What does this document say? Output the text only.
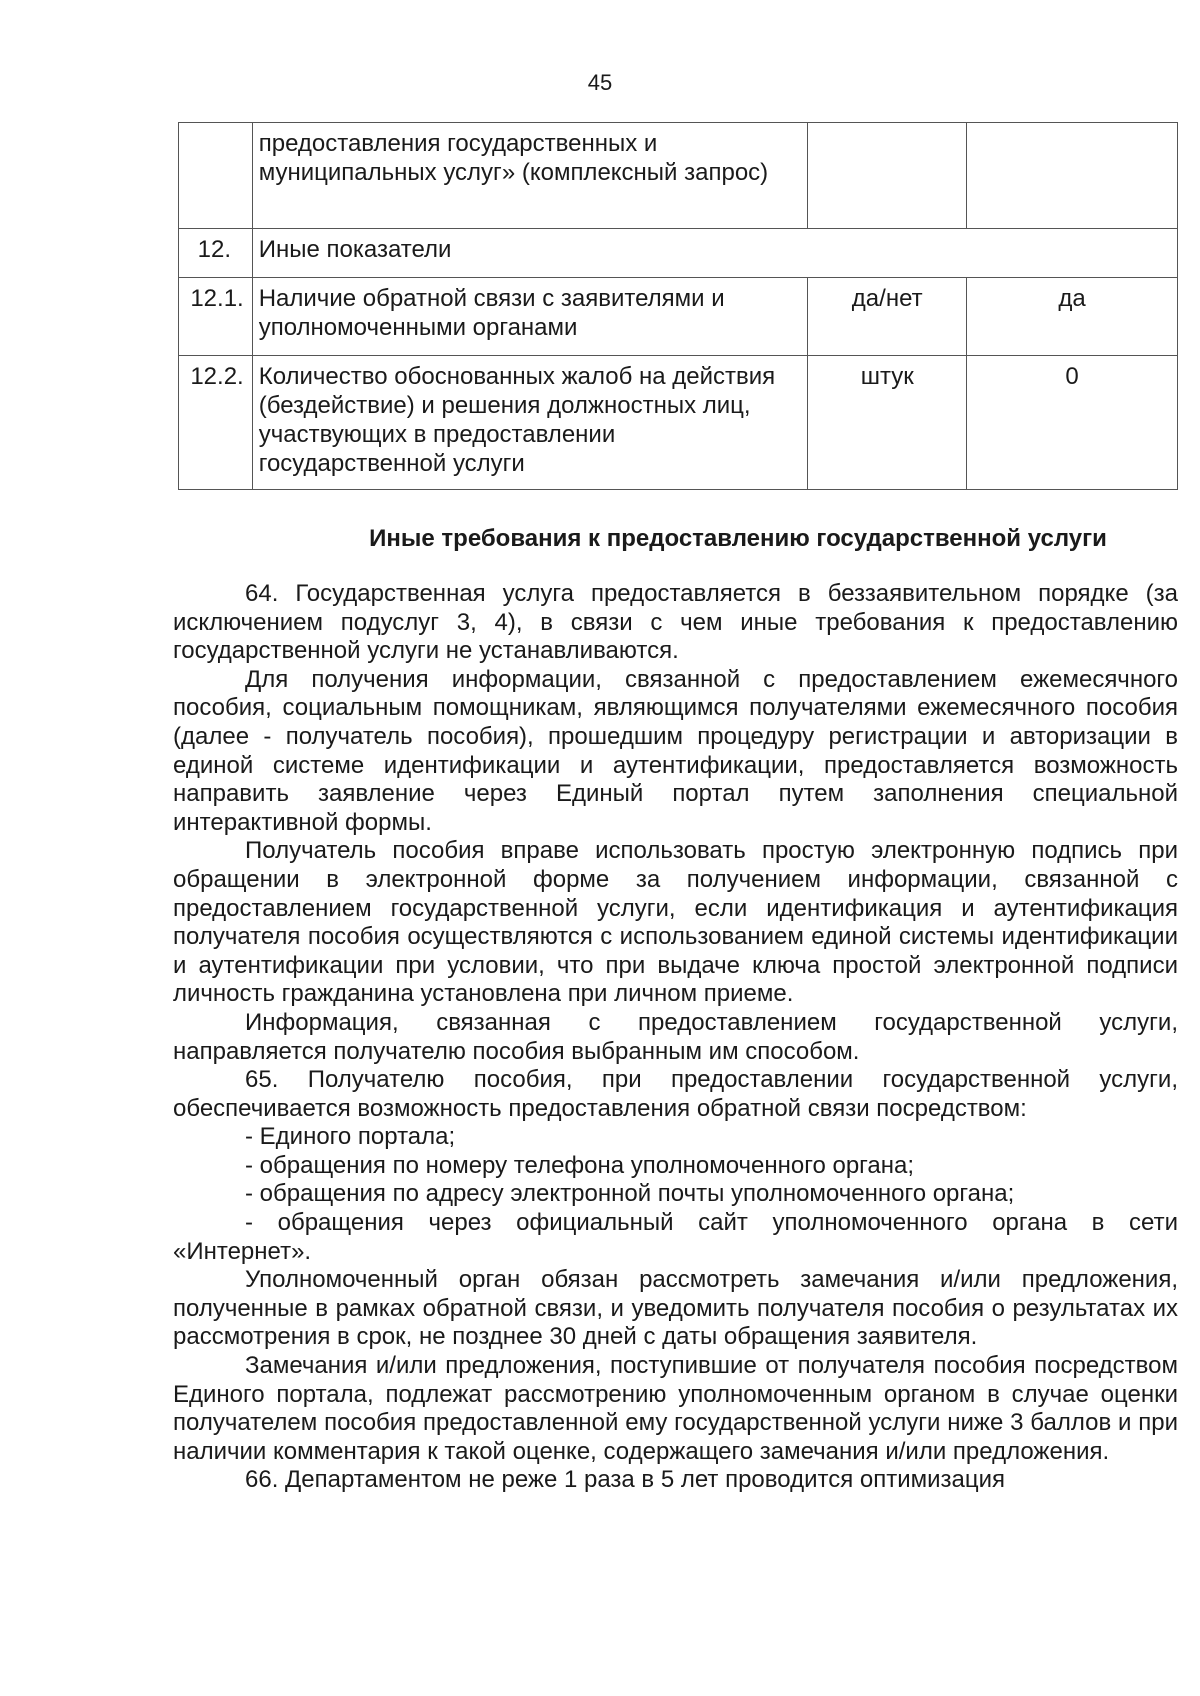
45
	предоставления государственных и муниципальных услуг» (комплексный запрос)		
12.	Иные показатели		
12.1.	Наличие обратной связи с заявителями и уполномоченными органами	да/нет	да
12.2.	Количество обоснованных жалоб на действия (бездействие) и решения должностных лиц, участвующих в предоставлении государственной услуги	штук	0
Иные требования к предоставлению государственной услуги

64. Государственная услуга предоставляется в беззаявительном порядке (за исключением подуслуг 3, 4), в связи с чем иные требования к предоставлению государственной услуги не устанавливаются.

Для получения информации, связанной с предоставлением ежемесячного пособия, социальным помощникам, являющимся получателями ежемесячного пособия (далее - получатель пособия), прошедшим процедуру регистрации и авторизации в единой системе идентификации и аутентификации, предоставляется возможность направить заявление через Единый портал путем заполнения специальной интерактивной формы.

Получатель пособия вправе использовать простую электронную подпись при обращении в электронной форме за получением информации, связанной с предоставлением государственной услуги, если идентификация и аутентификация получателя пособия осуществляются с использованием единой системы идентификации и аутентификации при условии, что при выдаче ключа простой электронной подписи личность гражданина установлена при личном приеме.

Информация, связанная с предоставлением государственной услуги, направляется получателю пособия выбранным им способом.

65. Получателю пособия, при предоставлении государственной услуги, обеспечивается возможность предоставления обратной связи посредством:

- Единого портала;

- обращения по номеру телефона уполномоченного органа;

- обращения по адресу электронной почты уполномоченного органа;

- обращения через официальный сайт уполномоченного органа в сети «Интернет».

Уполномоченный орган обязан рассмотреть замечания и/или предложения, полученные в рамках обратной связи, и уведомить получателя пособия о результатах их рассмотрения в срок, не позднее 30 дней с даты обращения заявителя.

Замечания и/или предложения, поступившие от получателя пособия посредством Единого портала, подлежат рассмотрению уполномоченным органом в случае оценки получателем пособия предоставленной ему государственной услуги ниже 3 баллов и при наличии комментария к такой оценке, содержащего замечания и/или предложения.

66. Департаментом не реже 1 раза в 5 лет проводится оптимизация
